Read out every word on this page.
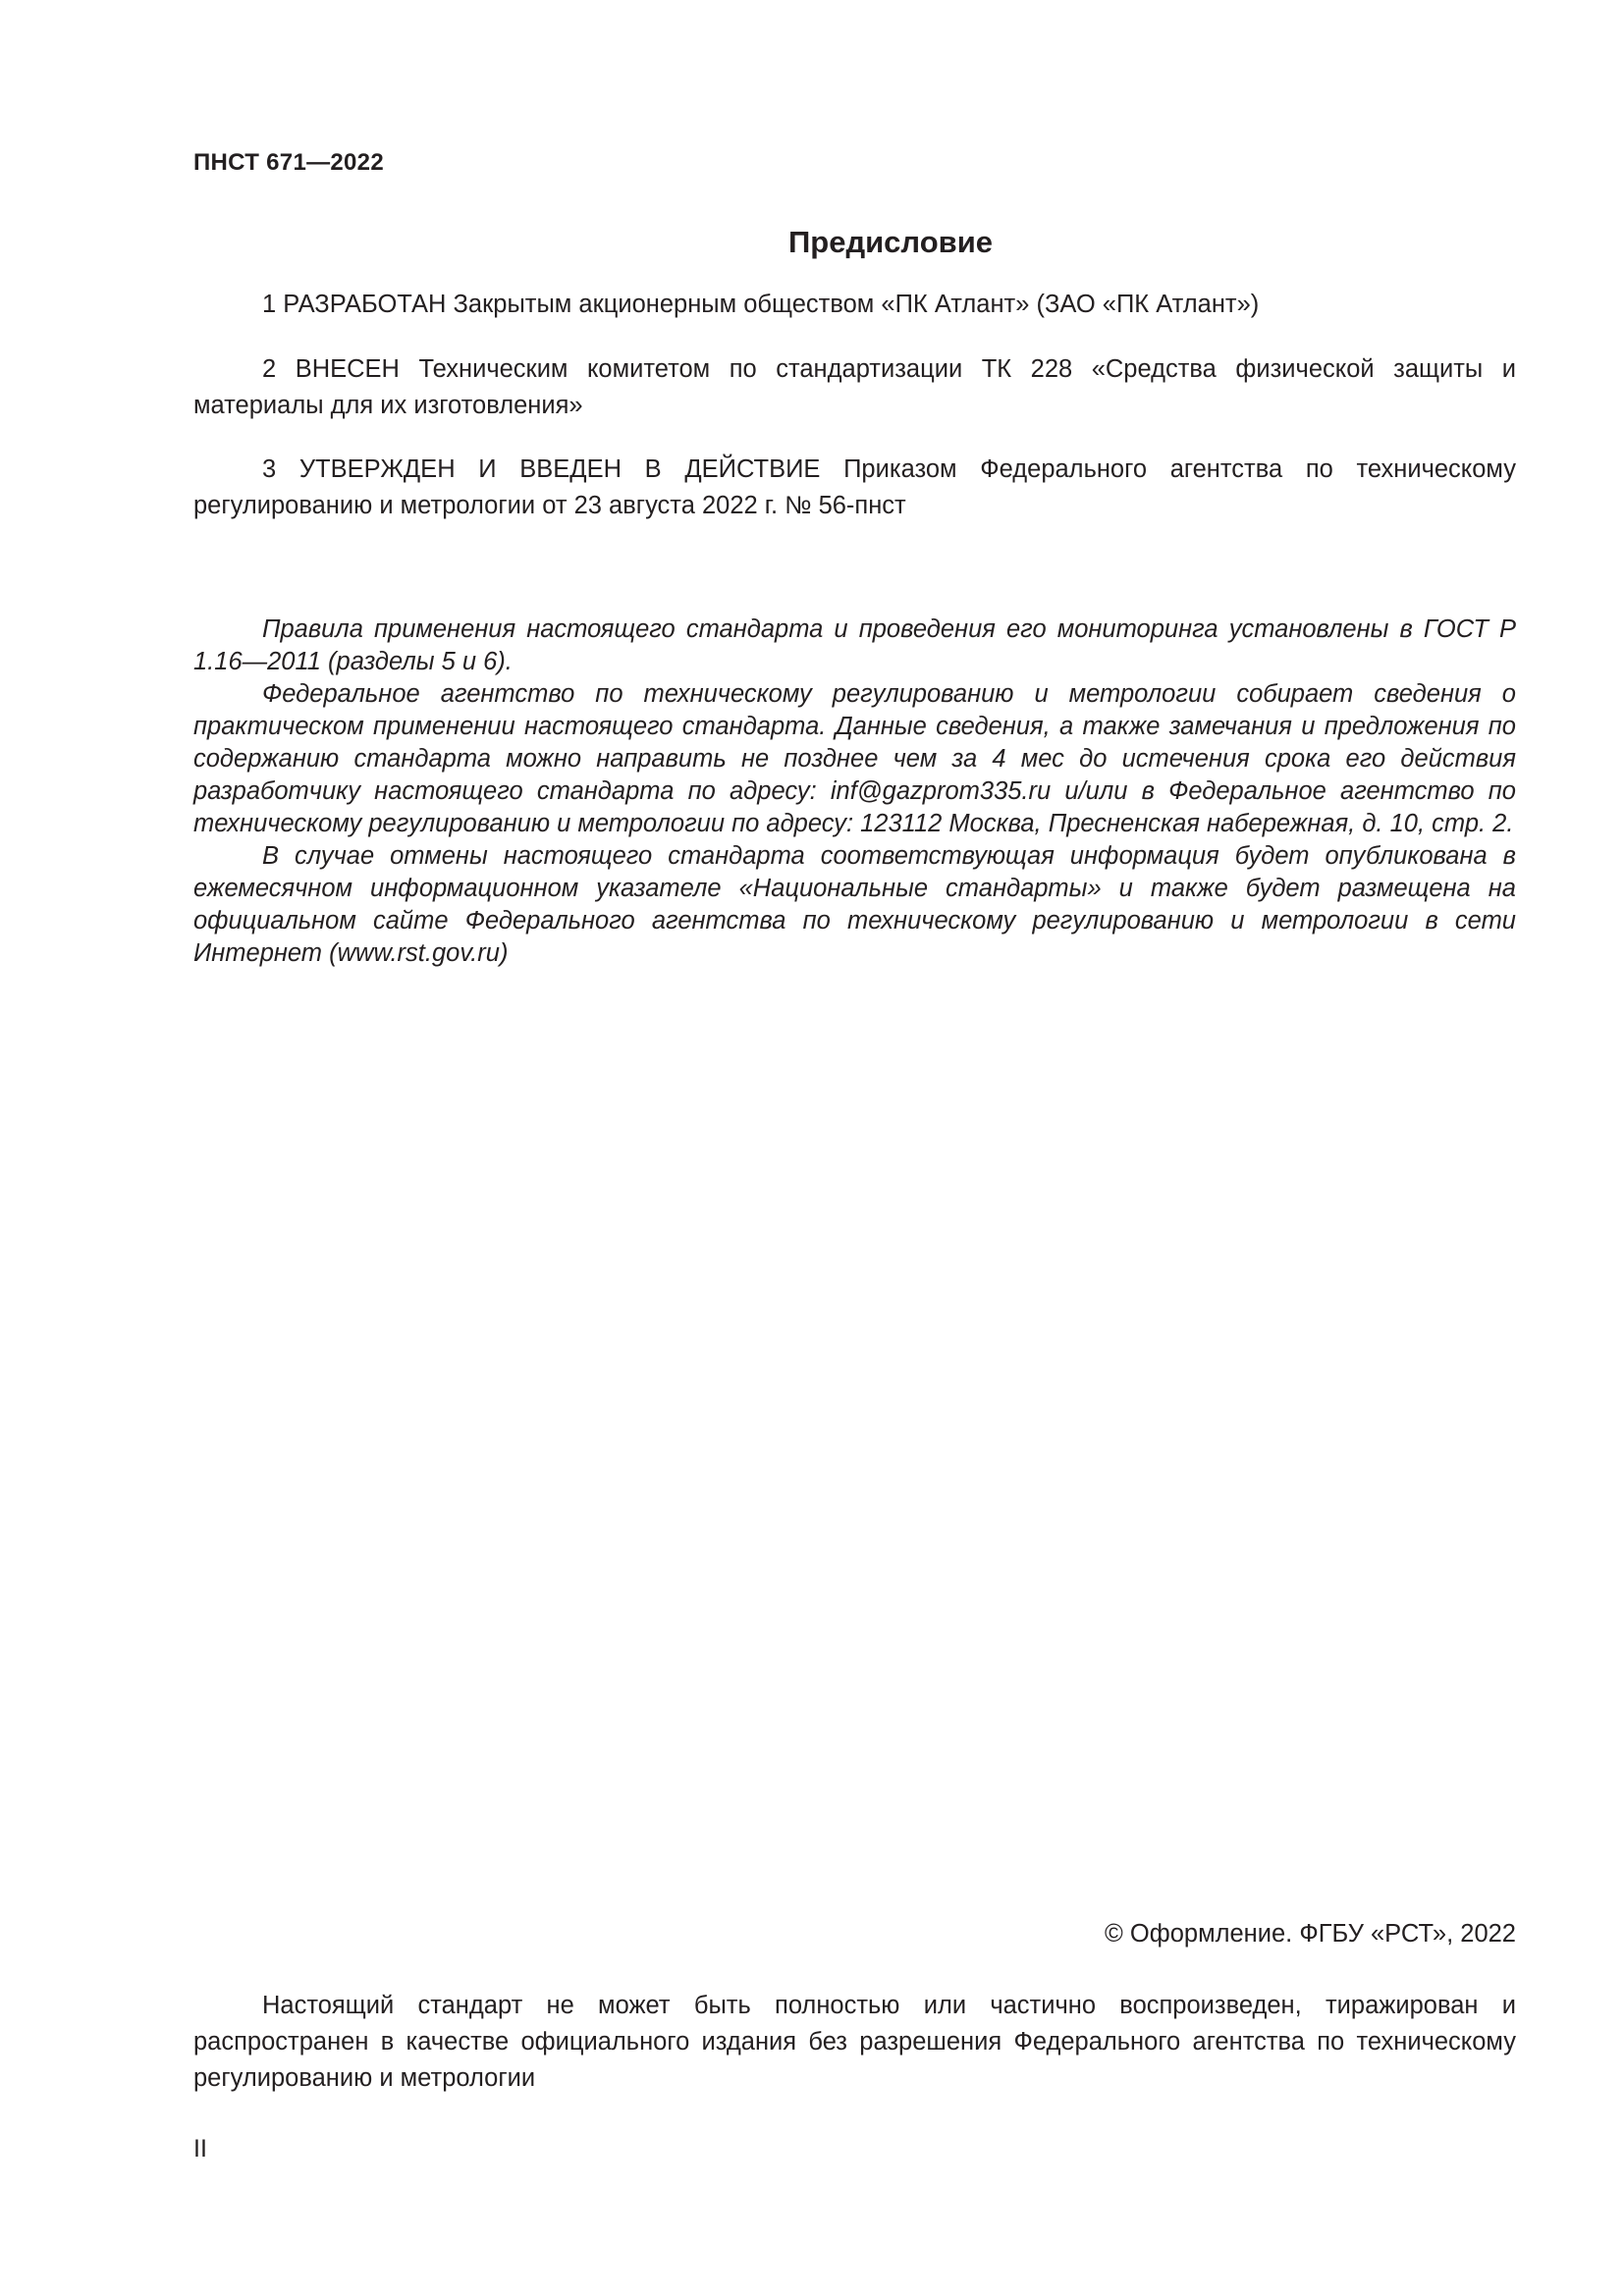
ПНСТ 671—2022
Предисловие

1 РАЗРАБОТАН Закрытым акционерным обществом «ПК Атлант» (ЗАО «ПК Атлант»)

2 ВНЕСЕН Техническим комитетом по стандартизации ТК 228 «Средства физической защиты и материалы для их изготовления»

3 УТВЕРЖДЕН И ВВЕДЕН В ДЕЙСТВИЕ Приказом Федерального агентства по техническому регулированию и метрологии от 23 августа 2022 г. № 56-пнст

Правила применения настоящего стандарта и проведения его мониторинга установлены в ГОСТ Р 1.16—2011 (разделы 5 и 6).

Федеральное агентство по техническому регулированию и метрологии собирает сведения о практическом применении настоящего стандарта. Данные сведения, а также замечания и предложения по содержанию стандарта можно направить не позднее чем за 4 мес до истечения срока его действия разработчику настоящего стандарта по адресу: inf@gazprom335.ru и/или в Федеральное агентство по техническому регулированию и метрологии по адресу: 123112 Москва, Пресненская набережная, д. 10, стр. 2.

В случае отмены настоящего стандарта соответствующая информация будет опубликована в ежемесячном информационном указателе «Национальные стандарты» и также будет размещена на официальном сайте Федерального агентства по техническому регулированию и метрологии в сети Интернет (www.rst.gov.ru)

© Оформление. ФГБУ «РСТ», 2022

Настоящий стандарт не может быть полностью или частично воспроизведен, тиражирован и распространен в качестве официального издания без разрешения Федерального агентства по техническому регулированию и метрологии

II
